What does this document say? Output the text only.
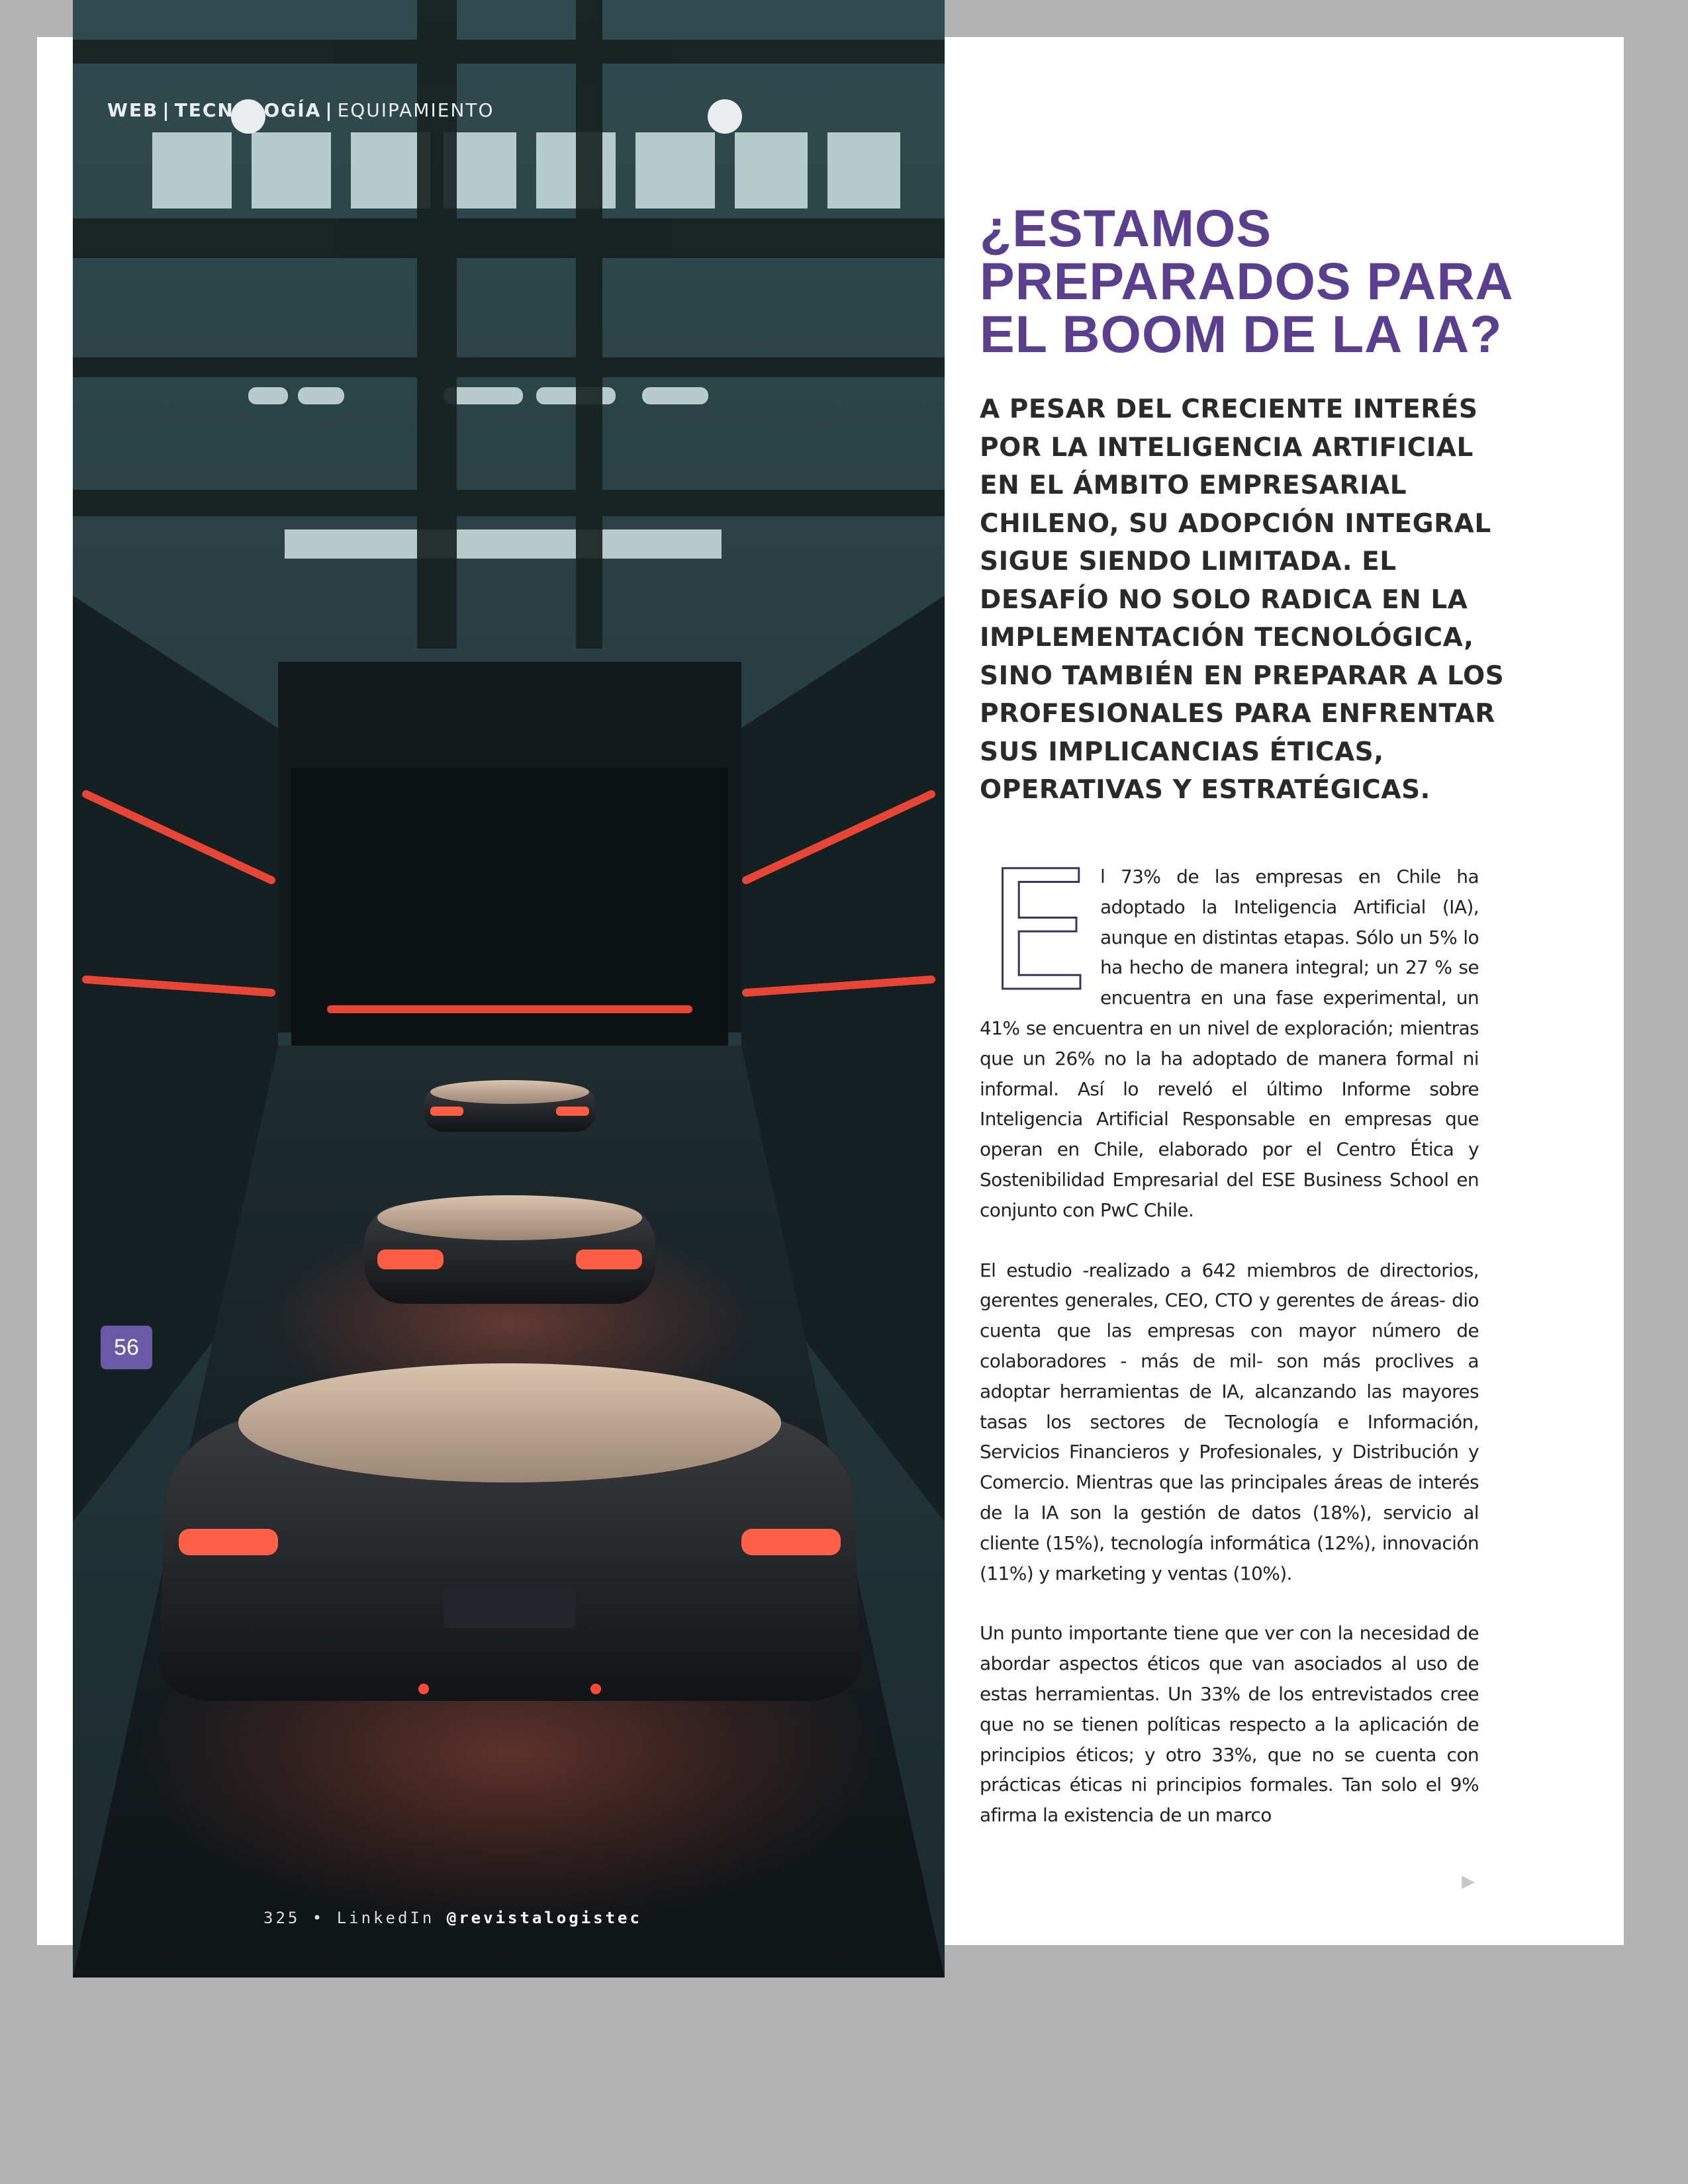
WEB | TECNOLOGÍA | EQUIPAMIENTO
56
325 • LinkedIn @revistalogistec
¿ESTAMOS PREPARADOS PARA EL BOOM DE LA IA?

A PESAR DEL CRECIENTE INTERÉS POR LA INTELIGENCIA ARTIFICIAL EN EL ÁMBITO EMPRESARIAL CHILENO, SU ADOPCIÓN INTEGRAL SIGUE SIENDO LIMITADA. EL DESAFÍO NO SOLO RADICA EN LA IMPLEMENTACIÓN TECNOLÓGICA, SINO TAMBIÉN EN PREPARAR A LOS PROFESIONALES PARA ENFRENTAR SUS IMPLICANCIAS ÉTICAS, OPERATIVAS Y ESTRATÉGICAS.

E l 73% de las empresas en Chile ha adoptado la Inteligencia Artificial (IA), aunque en distintas etapas. Sólo un 5% lo ha hecho de manera integral; un 27 % se encuentra en una fase experimental, un 41% se encuentra en un nivel de exploración; mientras que un 26% no la ha adoptado de manera formal ni informal. Así lo reveló el último Informe sobre Inteligencia Artificial Responsable en empresas que operan en Chile, elaborado por el Centro Ética y Sostenibilidad Empresarial del ESE Business School en conjunto con PwC Chile.

El estudio -realizado a 642 miembros de directorios, gerentes generales, CEO, CTO y gerentes de áreas- dio cuenta que las empresas con mayor número de colaboradores - más de mil- son más proclives a adoptar herramientas de IA, alcanzando las mayores tasas los sectores de Tecnología e Información, Servicios Financieros y Profesionales, y Distribución y Comercio. Mientras que las principales áreas de interés de la IA son la gestión de datos (18%), servicio al cliente (15%), tecnología informática (12%), innovación (11%) y marketing y ventas (10%).

Un punto importante tiene que ver con la necesidad de abordar aspectos éticos que van asociados al uso de estas herramientas. Un 33% de los entrevistados cree que no se tienen políticas respecto a la aplicación de principios éticos; y otro 33%, que no se cuenta con prácticas éticas ni principios formales. Tan solo el 9% afirma la existencia de un marco

▶
